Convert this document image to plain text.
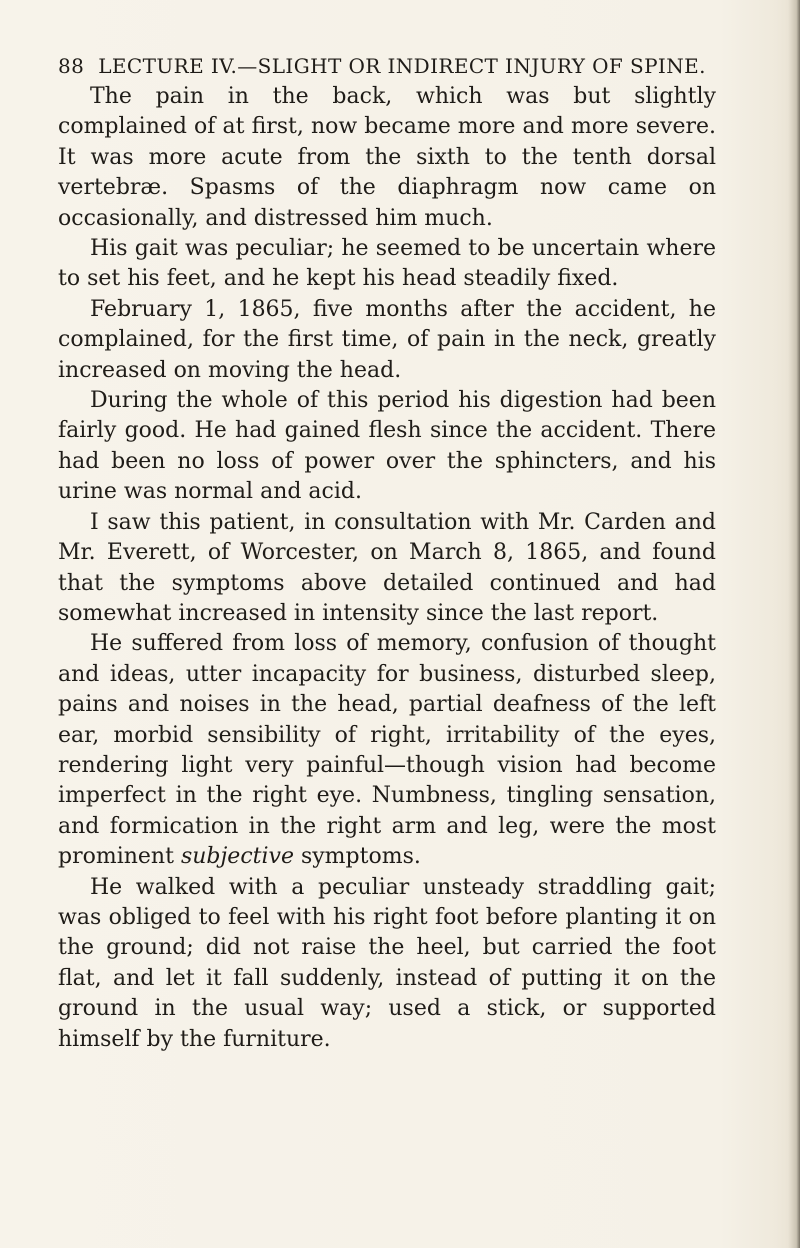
88 LECTURE IV.—SLIGHT OR INDIRECT INJURY OF SPINE.

The pain in the back, which was but slightly complained of at first, now became more and more severe. It was more acute from the sixth to the tenth dorsal vertebræ. Spasms of the diaphragm now came on occasionally, and distressed him much.

His gait was peculiar; he seemed to be uncertain where to set his feet, and he kept his head steadily fixed.

February 1, 1865, five months after the accident, he complained, for the first time, of pain in the neck, greatly increased on moving the head.

During the whole of this period his digestion had been fairly good. He had gained flesh since the accident. There had been no loss of power over the sphincters, and his urine was normal and acid.

I saw this patient, in consultation with Mr. Carden and Mr. Everett, of Worcester, on March 8, 1865, and found that the symptoms above detailed continued and had somewhat increased in intensity since the last report.

He suffered from loss of memory, confusion of thought and ideas, utter incapacity for business, disturbed sleep, pains and noises in the head, partial deafness of the left ear, morbid sensibility of right, irritability of the eyes, rendering light very painful—though vision had become imperfect in the right eye. Numbness, tingling sensation, and formication in the right arm and leg, were the most prominent subjective symptoms.

He walked with a peculiar unsteady straddling gait; was obliged to feel with his right foot before planting it on the ground; did not raise the heel, but carried the foot flat, and let it fall suddenly, instead of putting it on the ground in the usual way; used a stick, or supported himself by the furniture.
